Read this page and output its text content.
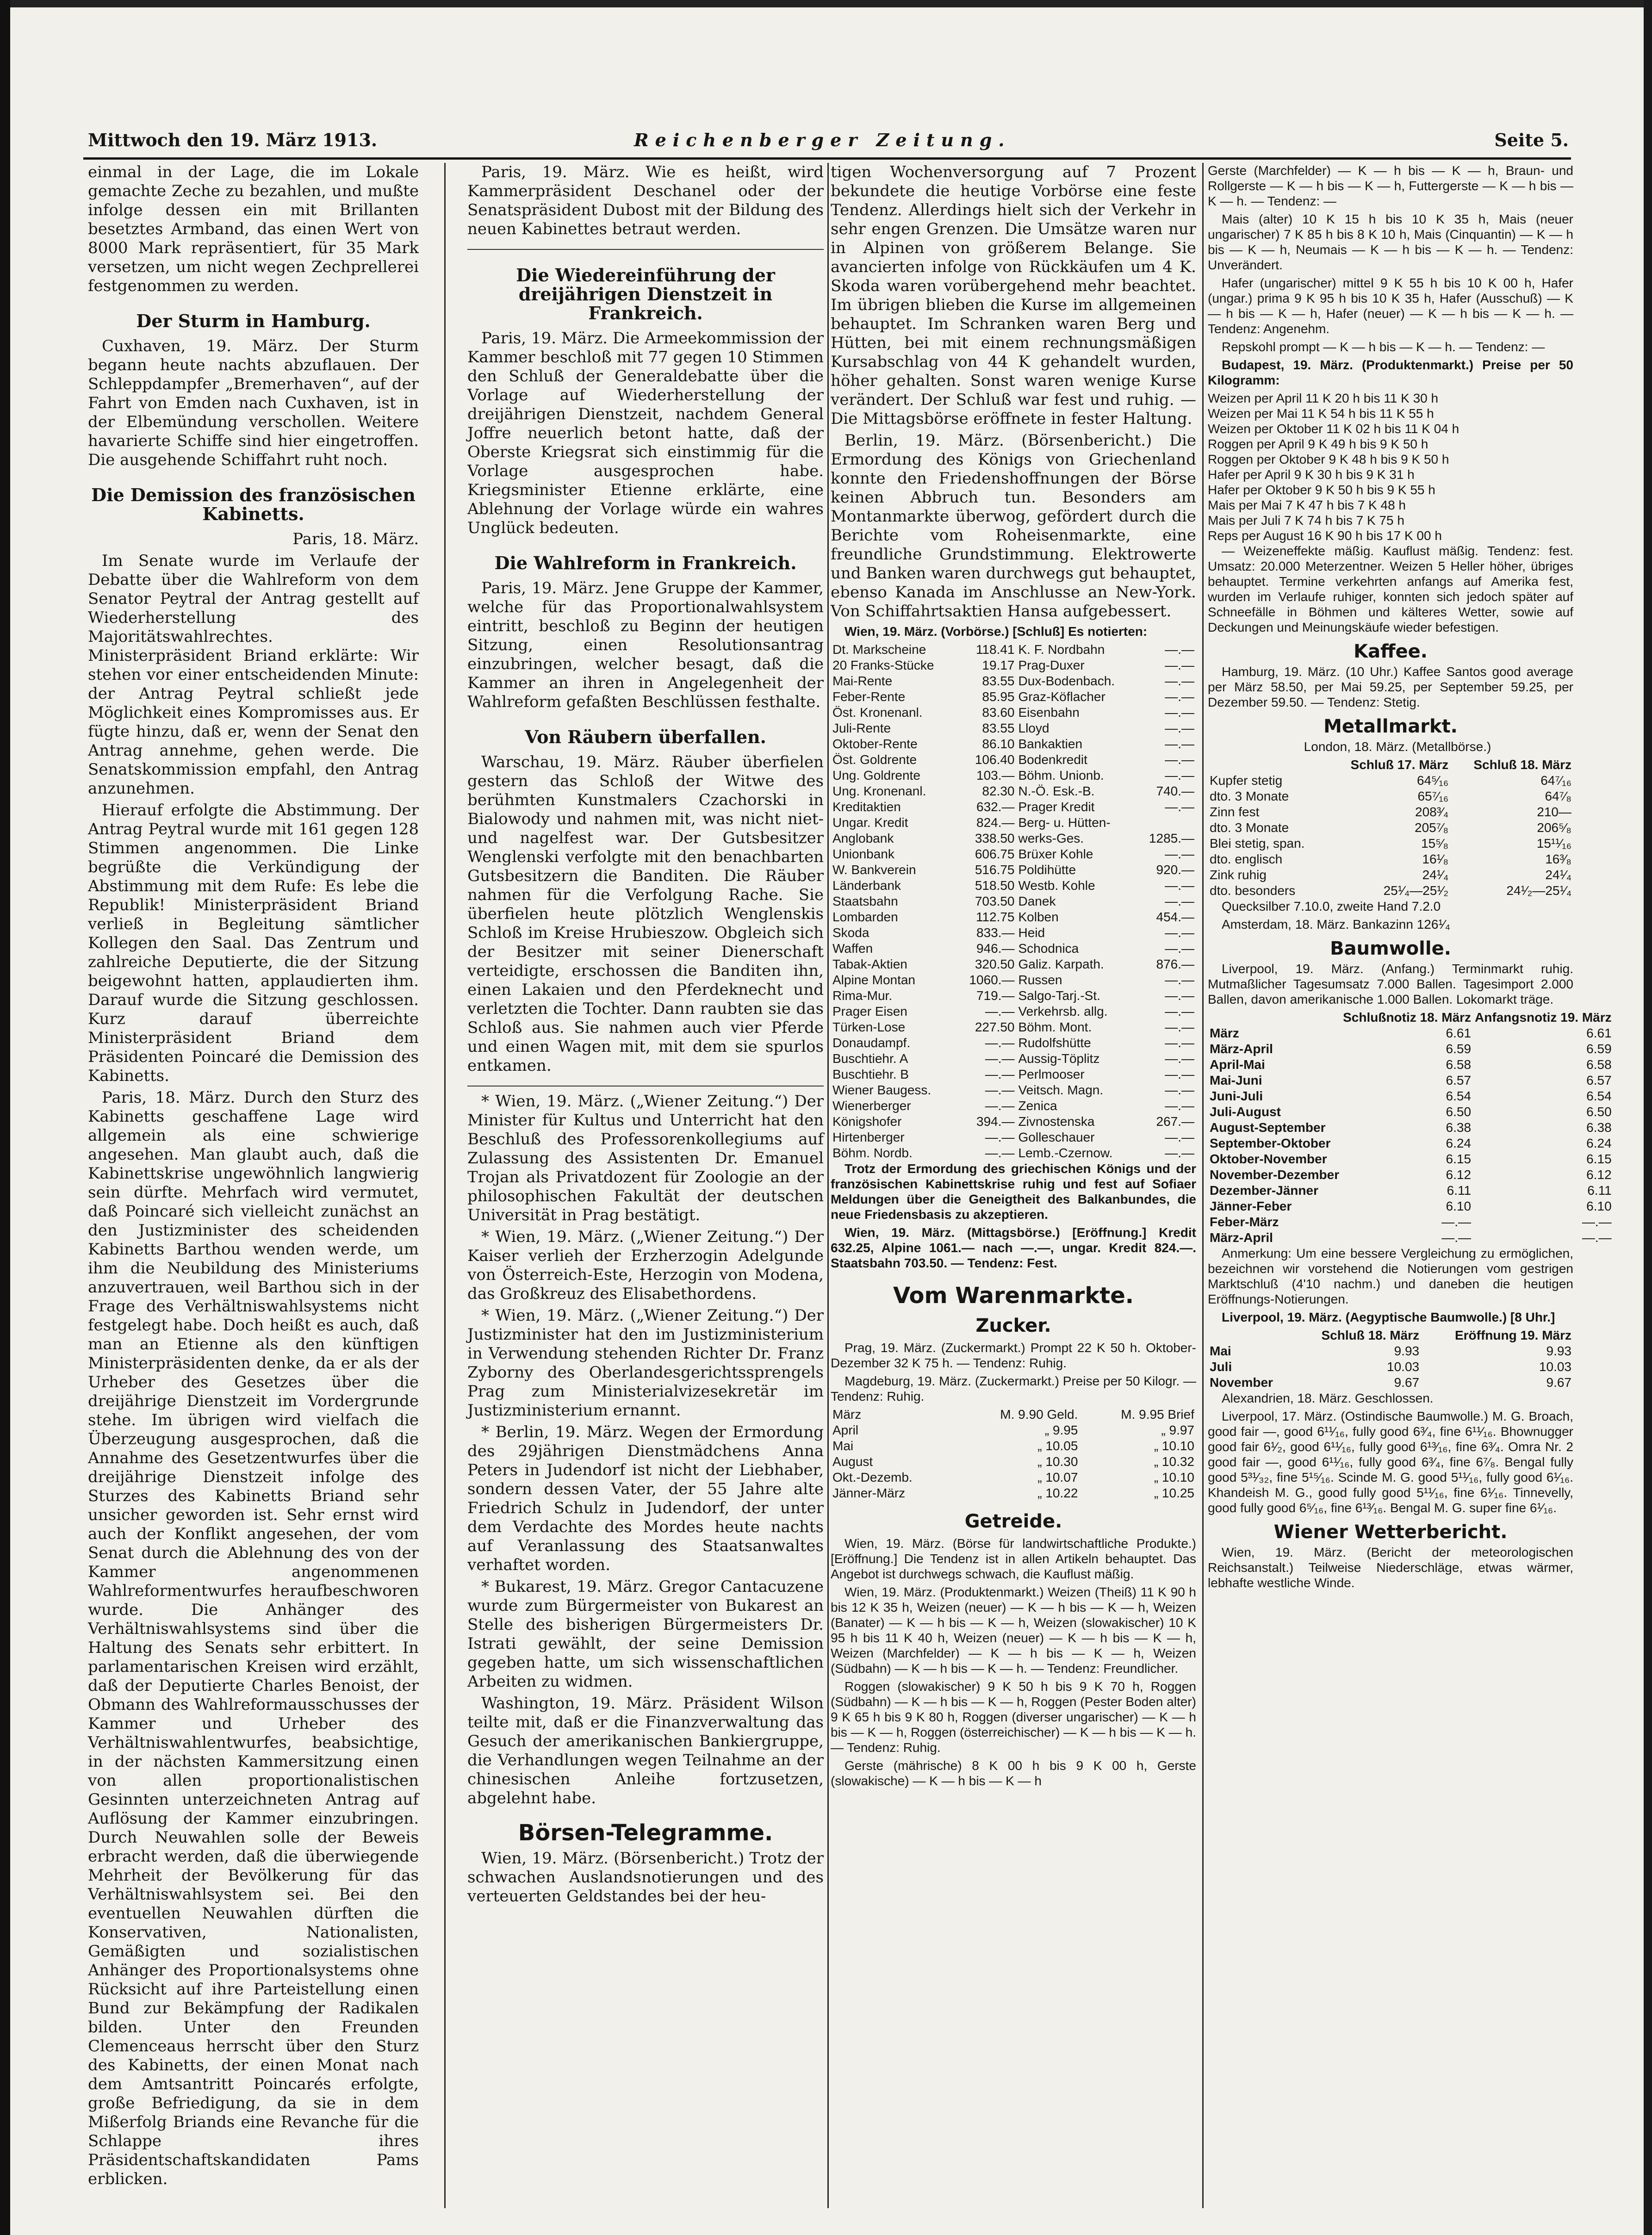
Mittwoch den 19. März 1913.	Reichenberger Zeitung.	Seite 5.

einmal in der Lage, die im Lokale gemachte Zeche zu bezahlen, und mußte infolge dessen ein mit Brillanten besetztes Armband, das einen Wert von 8000 Mark repräsentiert, für 35 Mark versetzen, um nicht wegen Zechprellerei festgenommen zu werden.

Der Sturm in Hamburg.

Cuxhaven, 19. März. Der Sturm begann heute nachts abzuflauen. Der Schleppdampfer „Bremerhaven“, auf der Fahrt von Emden nach Cuxhaven, ist in der Elbemündung verschollen. Weitere havarierte Schiffe sind hier eingetroffen. Die ausgehende Schiffahrt ruht noch.

Die Demission des französischen Kabinetts.
Paris, 18. März.

Im Senate wurde im Verlaufe der Debatte über die Wahlreform von dem Senator Peytral der Antrag gestellt auf Wiederherstellung des Majoritätswahlrechtes. Ministerpräsident Briand erklärte: Wir stehen vor einer entscheidenden Minute: der Antrag Peytral schließt jede Möglichkeit eines Kompromisses aus. Er fügte hinzu, daß er, wenn der Senat den Antrag annehme, gehen werde. Die Senatskommission empfahl, den Antrag anzunehmen.

Hierauf erfolgte die Abstimmung. Der Antrag Peytral wurde mit 161 gegen 128 Stimmen angenommen. Die Linke begrüßte die Verkündigung der Abstimmung mit dem Rufe: Es lebe die Republik! Ministerpräsident Briand verließ in Begleitung sämtlicher Kollegen den Saal. Das Zentrum und zahlreiche Deputierte, die der Sitzung beigewohnt hatten, applaudierten ihm. Darauf wurde die Sitzung geschlossen. Kurz darauf überreichte Ministerpräsident Briand dem Präsidenten Poincaré die Demission des Kabinetts.

Paris, 18. März. Durch den Sturz des Kabinetts geschaffene Lage wird allgemein als eine schwierige angesehen. Man glaubt auch, daß die Kabinettskrise ungewöhnlich langwierig sein dürfte. Mehrfach wird vermutet, daß Poincaré sich vielleicht zunächst an den Justizminister des scheidenden Kabinetts Barthou wenden werde, um ihm die Neubildung des Ministeriums anzuvertrauen, weil Barthou sich in der Frage des Verhältniswahlsystems nicht festgelegt habe. Doch heißt es auch, daß man an Etienne als den künftigen Ministerpräsidenten denke, da er als der Urheber des Gesetzes über die dreijährige Dienstzeit im Vordergrunde stehe. Im übrigen wird vielfach die Überzeugung ausgesprochen, daß die Annahme des Gesetzentwurfes über die dreijährige Dienstzeit infolge des Sturzes des Kabinetts Briand sehr unsicher geworden ist. Sehr ernst wird auch der Konflikt angesehen, der vom Senat durch die Ablehnung des von der Kammer angenommenen Wahlreformentwurfes heraufbeschworen wurde. Die Anhänger des Verhältniswahlsystems sind über die Haltung des Senats sehr erbittert. In parlamentarischen Kreisen wird erzählt, daß der Deputierte Charles Benoist, der Obmann des Wahlreformausschusses der Kammer und Urheber des Verhältniswahlentwurfes, beabsichtige, in der nächsten Kammersitzung einen von allen proportionalistischen Gesinnten unterzeichneten Antrag auf Auflösung der Kammer einzubringen. Durch Neuwahlen solle der Beweis erbracht werden, daß die überwiegende Mehrheit der Bevölkerung für das Verhältniswahlsystem sei. Bei den eventuellen Neuwahlen dürften die Konservativen, Nationalisten, Gemäßigten und sozialistischen Anhänger des Proportionalsystems ohne Rücksicht auf ihre Parteistellung einen Bund zur Bekämpfung der Radikalen bilden. Unter den Freunden Clemenceaus herrscht über den Sturz des Kabinetts, der einen Monat nach dem Amtsantritt Poincarés erfolgte, große Befriedigung, da sie in dem Mißerfolg Briands eine Revanche für die Schlappe ihres Präsidentschaftskandidaten Pams erblicken.

Paris, 19. März. Wie es heißt, wird Kammerpräsident Deschanel oder der Senatspräsident Dubost mit der Bildung des neuen Kabinettes betraut werden.

Die Wiedereinführung der dreijährigen Dienstzeit in Frankreich.

Paris, 19. März. Die Armeekommission der Kammer beschloß mit 77 gegen 10 Stimmen den Schluß der Generaldebatte über die Vorlage auf Wiederherstellung der dreijährigen Dienstzeit, nachdem General Joffre neuerlich betont hatte, daß der Oberste Kriegsrat sich einstimmig für die Vorlage ausgesprochen habe. Kriegsminister Etienne erklärte, eine Ablehnung der Vorlage würde ein wahres Unglück bedeuten.

Die Wahlreform in Frankreich.

Paris, 19. März. Jene Gruppe der Kammer, welche für das Proportionalwahlsystem eintritt, beschloß zu Beginn der heutigen Sitzung, einen Resolutionsantrag einzubringen, welcher besagt, daß die Kammer an ihren in Angelegenheit der Wahlreform gefaßten Beschlüssen festhalte.

Von Räubern überfallen.

Warschau, 19. März. Räuber überfielen gestern das Schloß der Witwe des berühmten Kunstmalers Czachorski in Bialowody und nahmen mit, was nicht niet- und nagelfest war. Der Gutsbesitzer Wenglenski verfolgte mit den benachbarten Gutsbesitzern die Banditen. Die Räuber nahmen für die Verfolgung Rache. Sie überfielen heute plötzlich Wenglenskis Schloß im Kreise Hrubieszow. Obgleich sich der Besitzer mit seiner Dienerschaft verteidigte, erschossen die Banditen ihn, einen Lakaien und den Pferdeknecht und verletzten die Tochter. Dann raubten sie das Schloß aus. Sie nahmen auch vier Pferde und einen Wagen mit, mit dem sie spurlos entkamen.

* Wien, 19. März. („Wiener Zeitung.“) Der Minister für Kultus und Unterricht hat den Beschluß des Professorenkollegiums auf Zulassung des Assistenten Dr. Emanuel Trojan als Privatdozent für Zoologie an der philosophischen Fakultät der deutschen Universität in Prag bestätigt.

* Wien, 19. März. („Wiener Zeitung.“) Der Kaiser verlieh der Erzherzogin Adelgunde von Österreich-Este, Herzogin von Modena, das Großkreuz des Elisabethordens.

* Wien, 19. März. („Wiener Zeitung.“) Der Justizminister hat den im Justizministerium in Verwendung stehenden Richter Dr. Franz Zyborny des Oberlandesgerichtssprengels Prag zum Ministerialvizesekretär im Justizministerium ernannt.

* Berlin, 19. März. Wegen der Ermordung des 29jährigen Dienstmädchens Anna Peters in Judendorf ist nicht der Liebhaber, sondern dessen Vater, der 55 Jahre alte Friedrich Schulz in Judendorf, der unter dem Verdachte des Mordes heute nachts auf Veranlassung des Staatsanwaltes verhaftet worden.

* Bukarest, 19. März. Gregor Cantacuzene wurde zum Bürgermeister von Bukarest an Stelle des bisherigen Bürgermeisters Dr. Istrati gewählt, der seine Demission gegeben hatte, um sich wissenschaftlichen Arbeiten zu widmen.

Washington, 19. März. Präsident Wilson teilte mit, daß er die Finanzverwaltung das Gesuch der amerikanischen Bankiergruppe, die Verhandlungen wegen Teilnahme an der chinesischen Anleihe fortzusetzen, abgelehnt habe.

Börsen-Telegramme.

Wien, 19. März. (Börsenbericht.) Trotz der schwachen Auslandsnotierungen und des verteuerten Geldstandes bei der heu-

tigen Wochenversorgung auf 7 Prozent bekundete die heutige Vorbörse eine feste Tendenz. Allerdings hielt sich der Verkehr in sehr engen Grenzen. Die Umsätze waren nur in Alpinen von größerem Belange. Sie avancierten infolge von Rückkäufen um 4 K. Skoda waren vorübergehend mehr beachtet. Im übrigen blieben die Kurse im allgemeinen behauptet. Im Schranken waren Berg und Hütten, bei mit einem rechnungsmäßigen Kursabschlag von 44 K gehandelt wurden, höher gehalten. Sonst waren wenige Kurse verändert. Der Schluß war fest und ruhig. — Die Mittagsbörse eröffnete in fester Haltung.

Berlin, 19. März. (Börsenbericht.) Die Ermordung des Königs von Griechenland konnte den Friedenshoffnungen der Börse keinen Abbruch tun. Besonders am Montanmarkte überwog, gefördert durch die Berichte vom Roheisenmarkte, eine freundliche Grundstimmung. Elektrowerte und Banken waren durchwegs gut behauptet, ebenso Kanada im Anschlusse an New-York. Von Schiffahrtsaktien Hansa aufgebessert.

Wien, 19. März. (Vorbörse.) [Schluß] Es notierten:

Dt. Markscheine	118.41	K. F. Nordbahn	—.—
20 Franks-Stücke	19.17	Prag-Duxer	—.—
Mai-Rente	83.55	Dux-Bodenbach.	—.—
Feber-Rente	85.95	Graz-Köflacher	—.—
Öst. Kronenanl.	83.60	Eisenbahn	—.—
Juli-Rente	83.55	Lloyd	—.—
Oktober-Rente	86.10	Bankaktien	—.—
Öst. Goldrente	106.40	Bodenkredit	—.—
Ung. Goldrente	103.—	Böhm. Unionb.	—.—
Ung. Kronenanl.	82.30	N.-Ö. Esk.-B.	740.—
Kreditaktien	632.—	Prager Kredit	—.—
Ungar. Kredit	824.—	Berg- u. Hütten-	
Anglobank	338.50	werks-Ges.	1285.—
Unionbank	606.75	Brüxer Kohle	—.—
W. Bankverein	516.75	Poldihütte	920.—
Länderbank	518.50	Westb. Kohle	—.—
Staatsbahn	703.50	Danek	—.—
Lombarden	112.75	Kolben	454.—
Skoda	833.—	Heid	—.—
Waffen	946.—	Schodnica	—.—
Tabak-Aktien	320.50	Galiz. Karpath.	876.—
Alpine Montan	1060.—	Russen	—.—
Rima-Mur.	719.—	Salgo-Tarj.-St.	—.—
Prager Eisen	—.—	Verkehrsb. allg.	—.—
Türken-Lose	227.50	Böhm. Mont.	—.—
Donaudampf.	—.—	Rudolfshütte	—.—
Buschtiehr. A	—.—	Aussig-Töplitz	—.—
Buschtiehr. B	—.—	Perlmooser	—.—
Wiener Baugess.	—.—	Veitsch. Magn.	—.—
Wienerberger	—.—	Zenica	—.—
Königshofer	394.—	Zivnostenska	267.—
Hirtenberger	—.—	Golleschauer	—.—
Böhm. Nordb.	—.—	Lemb.-Czernow.	—.—

Trotz der Ermordung des griechischen Königs und der französischen Kabinettskrise ruhig und fest auf Sofiaer Meldungen über die Geneigtheit des Balkanbundes, die neue Friedensbasis zu akzeptieren.

Wien, 19. März. (Mittagsbörse.) [Eröffnung.] Kredit 632.25, Alpine 1061.— nach —.—, ungar. Kredit 824.—. Staatsbahn 703.50. — Tendenz: Fest.

Vom Warenmarkte.
Zucker.

Prag, 19. März. (Zuckermarkt.) Prompt 22 K 50 h. Oktober-Dezember 32 K 75 h. — Tendenz: Ruhig.

Magdeburg, 19. März. (Zuckermarkt.) Preise per 50 Kilogr. — Tendenz: Ruhig.

März	M. 9.90 Geld.	M. 9.95 Brief
April	„ 9.95	„ 9.97
Mai	„ 10.05	„ 10.10
August	„ 10.30	„ 10.32
Okt.-Dezemb.	„ 10.07	„ 10.10
Jänner-März	„ 10.22	„ 10.25
Getreide.

Wien, 19. März. (Börse für landwirtschaftliche Produkte.) [Eröffnung.] Die Tendenz ist in allen Artikeln behauptet. Das Angebot ist durchwegs schwach, die Kauflust mäßig.

Wien, 19. März. (Produktenmarkt.) Weizen (Theiß) 11 K 90 h bis 12 K 35 h, Weizen (neuer) — K — h bis — K — h, Weizen (Banater) — K — h bis — K — h, Weizen (slowakischer) 10 K 95 h bis 11 K 40 h, Weizen (neuer) — K — h bis — K — h, Weizen (Marchfelder) — K — h bis — K — h, Weizen (Südbahn) — K — h bis — K — h. — Tendenz: Freundlicher.

Roggen (slowakischer) 9 K 50 h bis 9 K 70 h, Roggen (Südbahn) — K — h bis — K — h, Roggen (Pester Boden alter) 9 K 65 h bis 9 K 80 h, Roggen (diverser ungarischer) — K — h bis — K — h, Roggen (österreichischer) — K — h bis — K — h. — Tendenz: Ruhig.

Gerste (mährische) 8 K 00 h bis 9 K 00 h, Gerste (slowakische) — K — h bis — K — h

Gerste (Marchfelder) — K — h bis — K — h, Braun- und Rollgerste — K — h bis — K — h, Futtergerste — K — h bis — K — h. — Tendenz: —

Mais (alter) 10 K 15 h bis 10 K 35 h, Mais (neuer ungarischer) 7 K 85 h bis 8 K 10 h, Mais (Cinquantin) — K — h bis — K — h, Neumais — K — h bis — K — h. — Tendenz: Unverändert.

Hafer (ungarischer) mittel 9 K 55 h bis 10 K 00 h, Hafer (ungar.) prima 9 K 95 h bis 10 K 35 h, Hafer (Ausschuß) — K — h bis — K — h, Hafer (neuer) — K — h bis — K — h. — Tendenz: Angenehm.

Repskohl prompt — K — h bis — K — h. — Tendenz: —

Budapest, 19. März. (Produktenmarkt.) Preise per 50 Kilogramm:

Weizen per April 11 K 20 h bis 11 K 30 h
Weizen per Mai 11 K 54 h bis 11 K 55 h
Weizen per Oktober 11 K 02 h bis 11 K 04 h
Roggen per April 9 K 49 h bis 9 K 50 h
Roggen per Oktober 9 K 48 h bis 9 K 50 h
Hafer per April 9 K 30 h bis 9 K 31 h
Hafer per Oktober 9 K 50 h bis 9 K 55 h
Mais per Mai 7 K 47 h bis 7 K 48 h
Mais per Juli 7 K 74 h bis 7 K 75 h
Reps per August 16 K 90 h bis 17 K 00 h

— Weizeneffekte mäßig. Kauflust mäßig. Tendenz: fest. Umsatz: 20.000 Meterzentner. Weizen 5 Heller höher, übriges behauptet. Termine verkehrten anfangs auf Amerika fest, wurden im Verlaufe ruhiger, konnten sich jedoch später auf Schneefälle in Böhmen und kälteres Wetter, sowie auf Deckungen und Meinungskäufe wieder befestigen.

Kaffee.

Hamburg, 19. März. (10 Uhr.) Kaffee Santos good average per März 58.50, per Mai 59.25, per September 59.25, per Dezember 59.50. — Tendenz: Stetig.

Metallmarkt.

London, 18. März. (Metallbörse.)

	Schluß 17. März	Schluß 18. März
Kupfer stetig	64⁵⁄₁₆	64⁷⁄₁₆
dto. 3 Monate	65⁷⁄₁₆	64⁷⁄₈
Zinn fest	208³⁄₄	210—
dto. 3 Monate	205⁷⁄₈	206⁵⁄₈
Blei stetig, span.	15⁵⁄₈	15¹¹⁄₁₆
dto. englisch	16¹⁄₈	16³⁄₈
Zink ruhig	24¹⁄₄	24¹⁄₄
dto. besonders	25¹⁄₄—25¹⁄₂	24¹⁄₂—25¹⁄₄

Quecksilber 7.10.0, zweite Hand 7.2.0

Amsterdam, 18. März. Bankazinn 126¹⁄₄

Baumwolle.

Liverpool, 19. März. (Anfang.) Terminmarkt ruhig. Mutmaßlicher Tagesumsatz 7.000 Ballen. Tagesimport 2.000 Ballen, davon amerikanische 1.000 Ballen. Lokomarkt träge.

	Schlußnotiz 18. März	Anfangsnotiz 19. März
März	6.61	6.61
März-April	6.59	6.59
April-Mai	6.58	6.58
Mai-Juni	6.57	6.57
Juni-Juli	6.54	6.54
Juli-August	6.50	6.50
August-September	6.38	6.38
September-Oktober	6.24	6.24
Oktober-November	6.15	6.15
November-Dezember	6.12	6.12
Dezember-Jänner	6.11	6.11
Jänner-Feber	6.10	6.10
Feber-März	—.—	—.—
März-April	—.—	—.—

Anmerkung: Um eine bessere Vergleichung zu ermöglichen, bezeichnen wir vorstehend die Notierungen vom gestrigen Marktschluß (4'10 nachm.) und daneben die heutigen Eröffnungs-Notierungen.

Liverpool, 19. März. (Aegyptische Baumwolle.) [8 Uhr.]

	Schluß 18. März	Eröffnung 19. März
Mai	9.93	9.93
Juli	10.03	10.03
November	9.67	9.67

Alexandrien, 18. März. Geschlossen.

Liverpool, 17. März. (Ostindische Baumwolle.) M. G. Broach, good fair —, good 6¹¹⁄₁₆, fully good 6³⁄₄, fine 6¹¹⁄₁₆. Bhownugger good fair 6¹⁄₂, good 6¹¹⁄₁₆, fully good 6¹³⁄₁₆, fine 6³⁄₄. Omra Nr. 2 good fair —, good 6¹¹⁄₁₆, fully good 6³⁄₄, fine 6⁷⁄₈. Bengal fully good 5³¹⁄₃₂, fine 5¹⁵⁄₁₆. Scinde M. G. good 5¹¹⁄₁₆, fully good 6¹⁄₁₆. Khandeish M. G., good fully good 5¹¹⁄₁₆, fine 6¹⁄₁₆. Tinnevelly, good fully good 6⁵⁄₁₆, fine 6¹³⁄₁₆. Bengal M. G. super fine 6¹⁄₁₆.

Wiener Wetterbericht.

Wien, 19. März. (Bericht der meteorologischen Reichsanstalt.) Teilweise Niederschläge, etwas wärmer, lebhafte westliche Winde.
